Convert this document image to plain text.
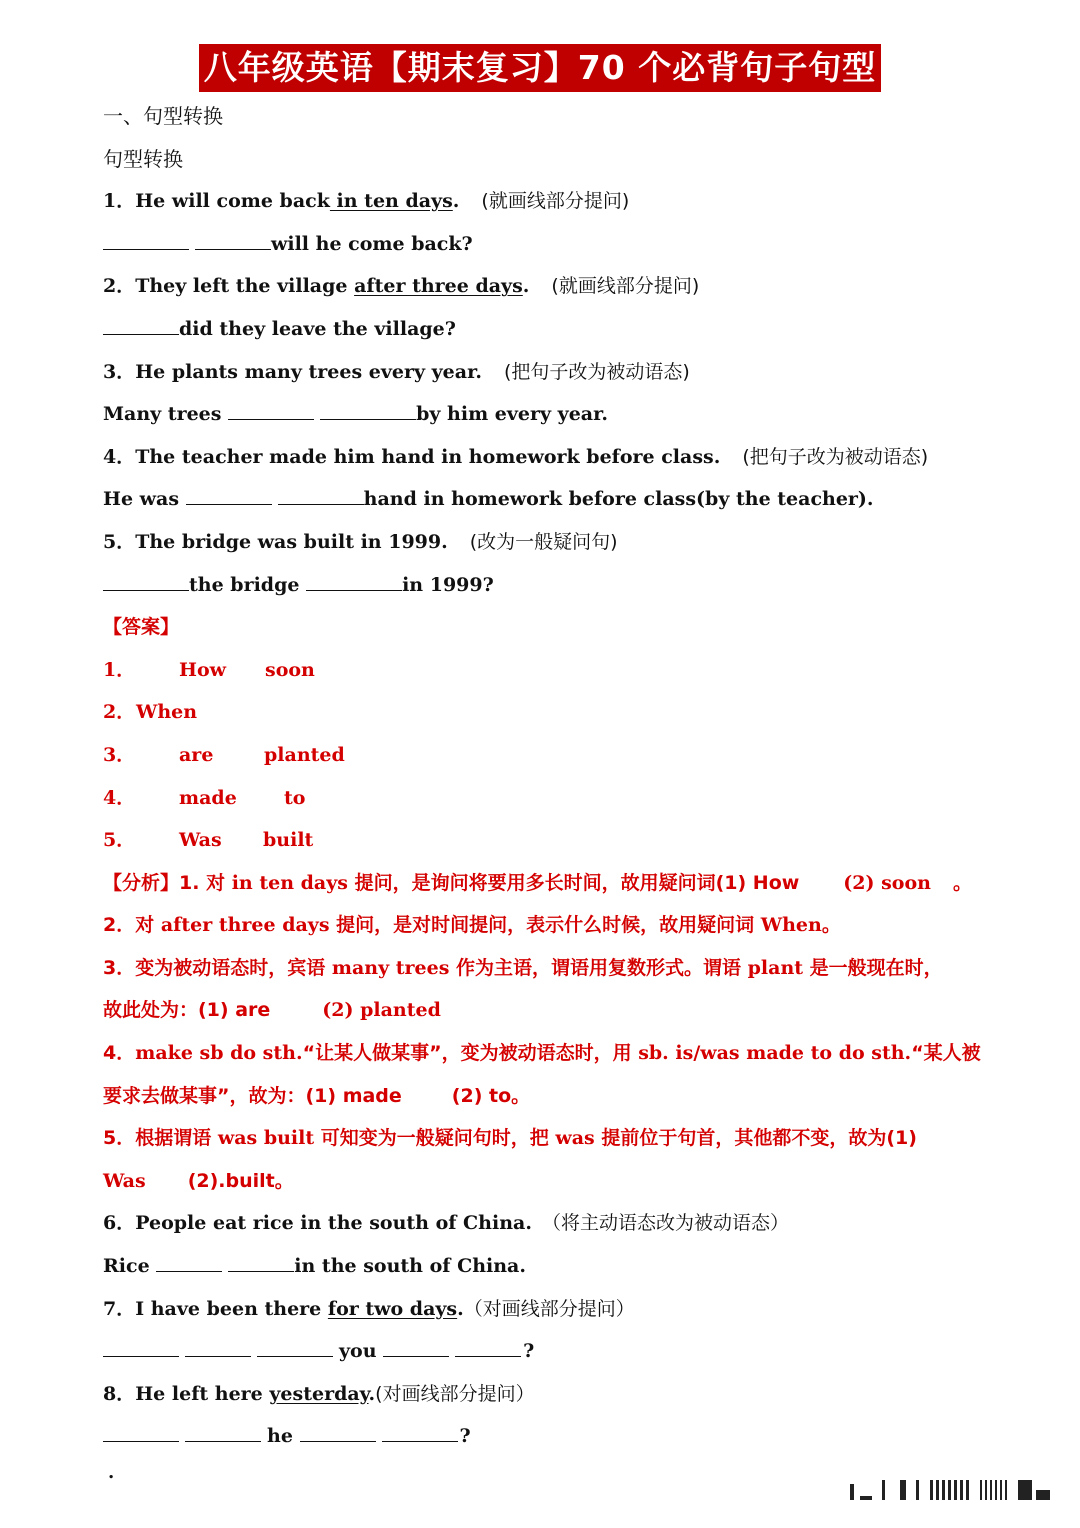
八年级英语【期末复习】70 个必背句子句型
一、句型转换
句型转换
1．He will come back in ten days. (就画线部分提问)
will he come back?
2．They left the village after three days. (就画线部分提问)
did they leave the village?
3．He plants many trees every year. (把句子改为被动语态)
Many trees	by him every year.
4．The teacher made him hand in homework before class. (把句子改为被动语态)
He was	hand in homework before class(by the teacher).
5．The bridge was built in 1999. (改为一般疑问句)
the bridge	in 1999?
【答案】
1． How soon
2．When
3． are	planted
4． made to
5． Was built
【分析】1. 对 in ten days 提问，是询问将要用多长时间，故用疑问词(1) How (2) soon 。
2．对 after three days 提问，是对时间提问，表示什么时候，故用疑问词 When。
3．变为被动语态时，宾语 many trees 作为主语，谓语用复数形式。谓语 plant 是一般现在时，
故此处为：(1) are	(2) planted
4．make sb do sth.“让某人做某事”，变为被动语态时，用 sb. is/was made to do sth.“某人被
要求去做某事”，故为：(1) made	(2) to。
5．根据谓语 was built 可知变为一般疑问句时，把 was 提前位于句首，其他都不变，故为(1)
Was (2).built。
6．People eat rice in the south of China. （将主动语态改为被动语态）
Rice	in the south of China.
7．I have been there for two days.（对画线部分提问）
you	?
8．He left here yesterday.(对画线部分提问）
he	?
.
